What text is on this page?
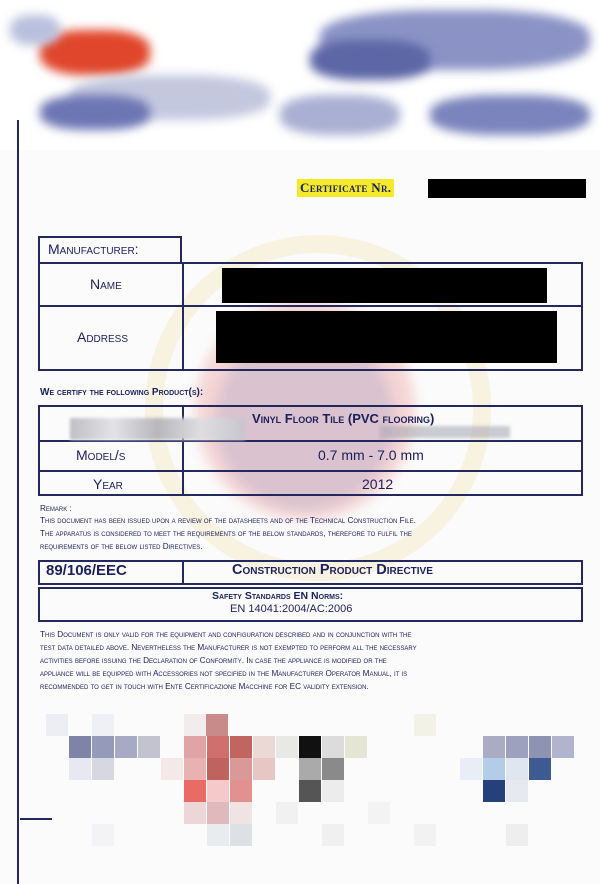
Certificate Nr.
Manufacturer:
Name
Address
We certify the following Product(s):
Vinyl Floor Tile (PVC flooring)
Model/s	0.7 mm - 7.0 mm
Year	2012
Remark :
This document has been issued upon a review of the datasheets and of the Technical Construction File.
The apparatus is considered to meet the requirements of the below standards, therefore to fulfil the
requirements of the below listed Directives.
89/106/EEC	Construction Product Directive
Safety Standards EN Norms:
EN 14041:2004/AC:2006
This Document is only valid for the equipment and configuration described and in conjunction with the
test data detailed above. Nevertheless the Manufacturer is not exempted to perform all the necessary
activities before issuing the Declaration of Conformity. In case the appliance is modified or the
appliance will be equipped with Accessories not specified in the Manufacturer Operator Manual, it is
recommended to get in touch with Ente Certificazione Macchine for EC validity extension.
